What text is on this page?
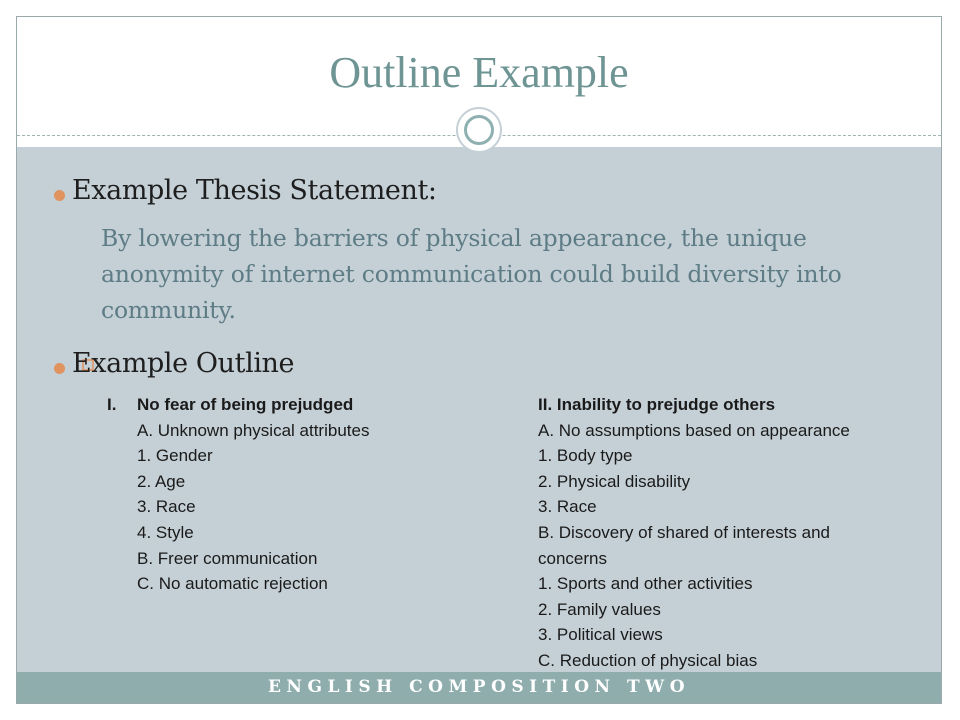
Outline Example
Example Thesis Statement:
By lowering the barriers of physical appearance, the unique anonymity of internet communication could build diversity into community.
Example Outline
I. No fear of being prejudged
A. Unknown physical attributes
1. Gender
2. Age
3. Race
4. Style
B. Freer communication
C. No automatic rejection
II. Inability to prejudge others
A. No assumptions based on appearance
1. Body type
2. Physical disability
3. Race
B. Discovery of shared of interests and
concerns
1. Sports and other activities
2. Family values
3. Political views
C. Reduction of physical bias
ENGLISH COMPOSITION TWO
